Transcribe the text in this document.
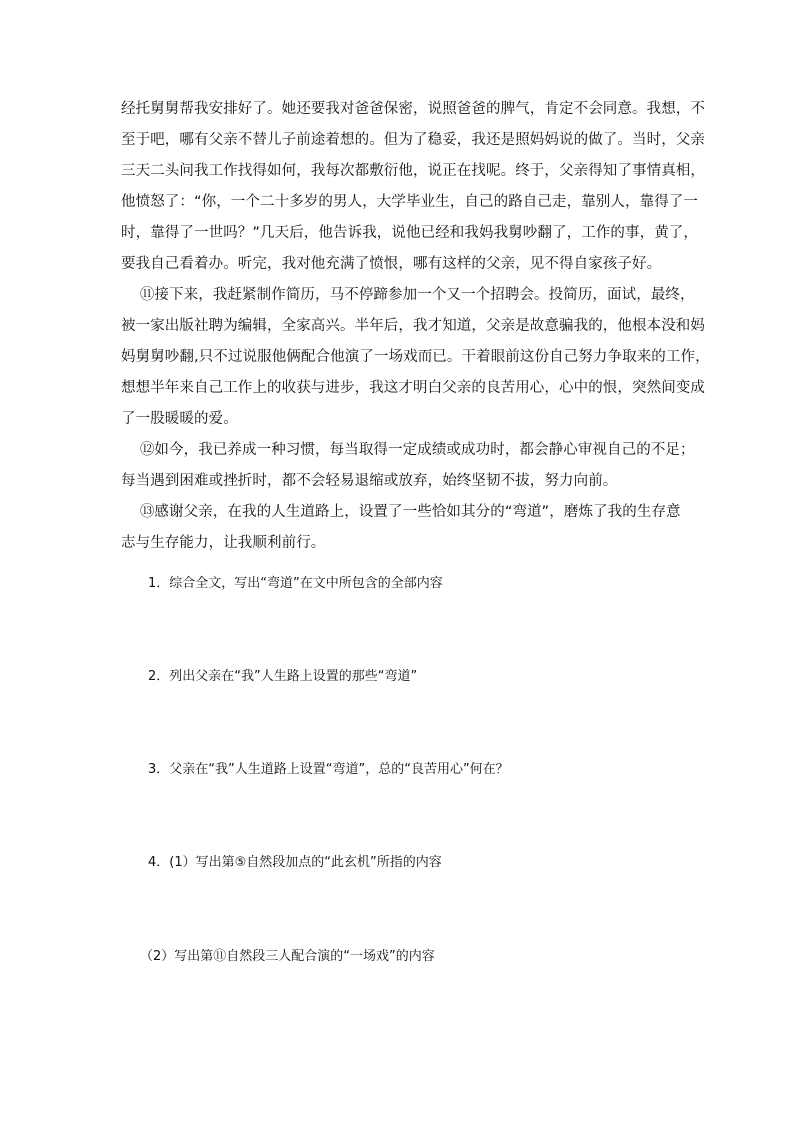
经托舅舅帮我安排好了。她还要我对爸爸保密，说照爸爸的脾气，肯定不会同意。我想，不
至于吧，哪有父亲不替儿子前途着想的。但为了稳妥，我还是照妈妈说的做了。当时，父亲
三天二头问我工作找得如何，我每次都敷衍他，说正在找呢。终于，父亲得知了事情真相，
他愤怒了：“你，一个二十多岁的男人，大学毕业生，自己的路自己走，靠别人，靠得了一
时，靠得了一世吗？”几天后，他告诉我，说他已经和我妈我舅吵翻了，工作的事，黄了，
要我自己看着办。听完，我对他充满了愤恨，哪有这样的父亲，见不得自家孩子好。
⑪接下来，我赶紧制作简历，马不停蹄参加一个又一个招聘会。投简历，面试，最终，
被一家出版社聘为编辑，全家高兴。半年后，我才知道，父亲是故意骗我的，他根本没和妈
妈舅舅吵翻,只不过说服他俩配合他演了一场戏而已。干着眼前这份自己努力争取来的工作，
想想半年来自己工作上的收获与进步，我这才明白父亲的良苦用心，心中的恨，突然间变成
了一股暖暖的爱。
⑫如今，我已养成一种习惯，每当取得一定成绩或成功时，都会静心审视自己的不足；
每当遇到困难或挫折时，都不会轻易退缩或放弃，始终坚韧不拔，努力向前。
⑬感谢父亲，在我的人生道路上，设置了一些恰如其分的“弯道”，磨炼了我的生存意
志与生存能力，让我顺利前行。
1．综合全文，写出“弯道”在文中所包含的全部内容
2．列出父亲在“我”人生路上设置的那些“弯道”
3．父亲在“我”人生道路上设置“弯道”，总的“良苦用心”何在？
4．(1）写出第⑤自然段加点的“此玄机”所指的内容
（2）写出第⑪自然段三人配合演的“一场戏”的内容
